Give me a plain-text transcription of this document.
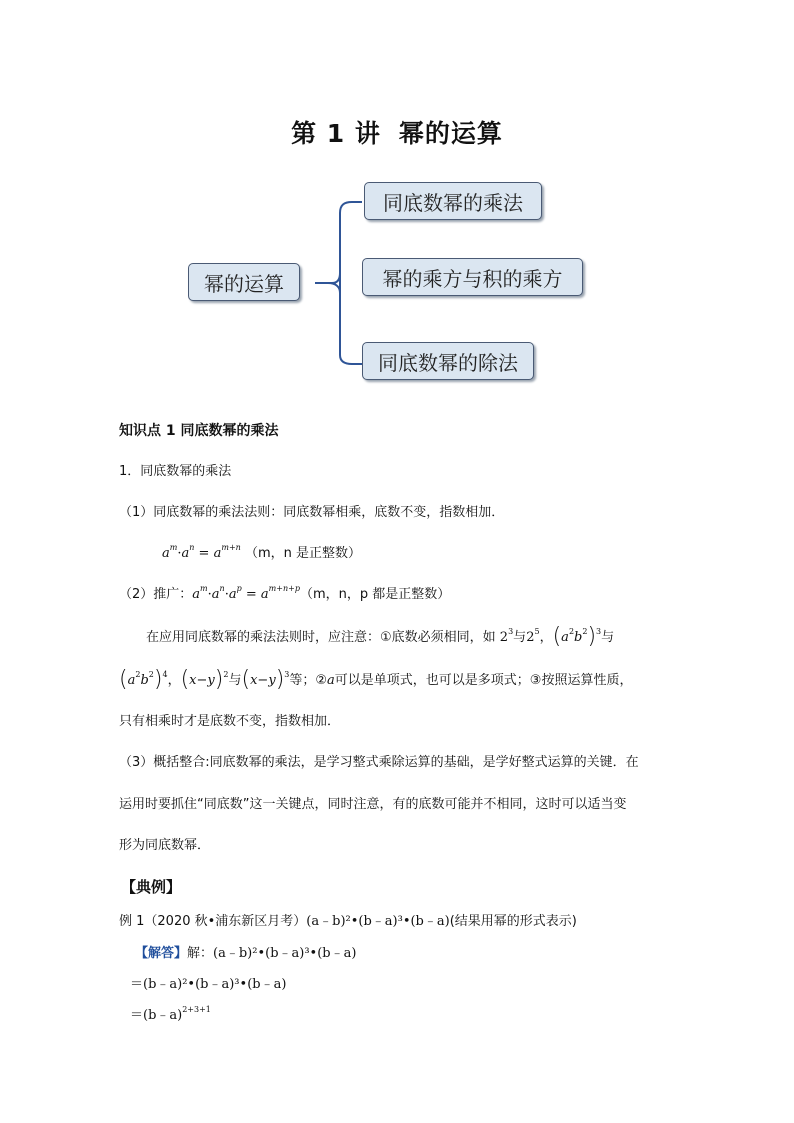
第 1 讲 幂的运算
幂的运算
同底数幂的乘法
幂的乘方与积的乘方
同底数幂的除法
知识点 1 同底数幂的乘法
1．同底数幂的乘法
（1）同底数幂的乘法法则：同底数幂相乘，底数不变，指数相加．
$a^m\cdot a^n = a^{m+n}$ （m，n 是正整数）
（2）推广：$a^m\cdot a^n\cdot a^p = a^{m+n+p}(m$，n，p 都是正整数）
在应用同底数幂的乘法法则时，应注意：①底数必须相同，如 $2^3$与$2^5$，$(a^2b^2)^3$与
$(a^2b^2)^4$，$(x-y)^2$与$(x-y)^3$等；②a可以是单项式，也可以是多项式；③按照运算性质，
只有相乘时才是底数不变，指数相加．
（3）概括整合:同底数幂的乘法，是学习整式乘除运算的基础，是学好整式运算的关键．在
运用时要抓住“同底数”这一关键点，同时注意，有的底数可能并不相同，这时可以适当变
形为同底数幂．
【典例】
例 1（2020 秋•浦东新区月考）(a﹣b)²•(b﹣a)³•(b﹣a)(结果用幂的形式表示)
【解答】解：(a﹣b)²•(b﹣a)³•(b﹣a)
＝(b﹣a)²•(b﹣a)³•(b﹣a)
＝(b﹣a)$^{2+3+1}$
